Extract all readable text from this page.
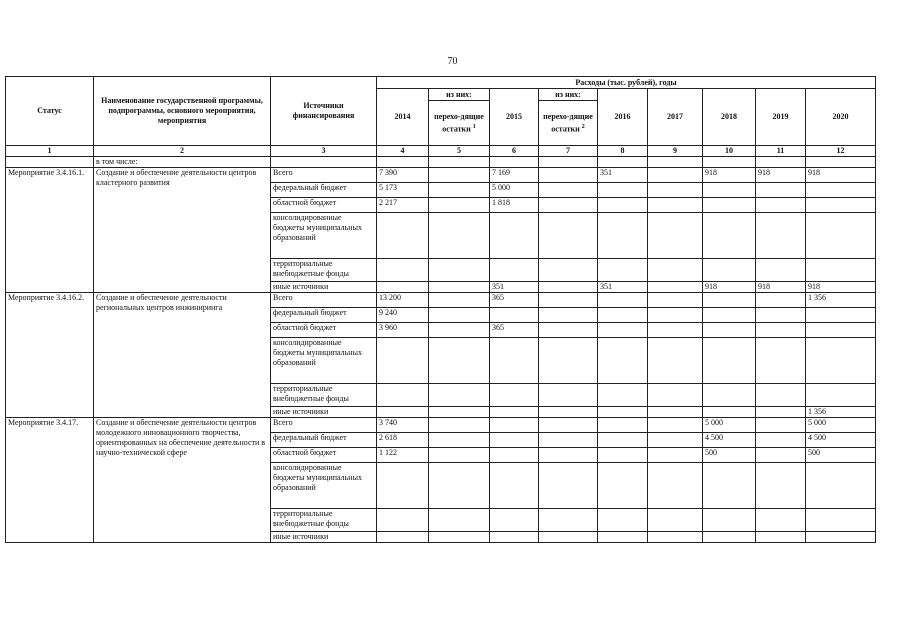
70
Статус	Наименование государственной программы, подпрограммы, основного мероприятия, мероприятия	Источники финансирования	Расходы (тыс. рублей), годы								
			2014	из них:	2015	из них:	2016	2017	2018	2019	2020
				перехо-дящие остатки $^1$		перехо-дящие остатки $^2$
1	2	3	4	5	6	7	8	9	10	11	12
	в том числе:										
Мероприятие 3.4.16.1.	Создание и обеспечение деятельности центров кластерного развития	Всего	7 390		7 169		351		918	918	918
		федеральный бюджет	5 173		5 000						
		областной бюджет	2 217		1 818						
		консолидированные бюджеты муниципальных образований									
		территориальные внебюджетные фонды									
		иные источники			351		351		918	918	918
Мероприятие 3.4.16.2.	Создание и обеспечение деятельности региональных центров инжиниринга	Всего	13 200		365						1 356
		федеральный бюджет	9 240								
		областной бюджет	3 960		365						
		консолидированные бюджеты муниципальных образований									
		территориальные внебюджетные фонды									
		иные источники									1 356
Мероприятие 3.4.17.	Создание и обеспечение деятельности центров молодежного инновационного творчества, ориентированных на обеспечение деятельности в научно-технической сфере	Всего	3 740						5 000		5 000
		федеральный бюджет	2 618						4 500		4 500
		областной бюджет	1 122						500		500
		консолидированные бюджеты муниципальных образований									
		территориальные внебюджетные фонды									
		иные источники									
